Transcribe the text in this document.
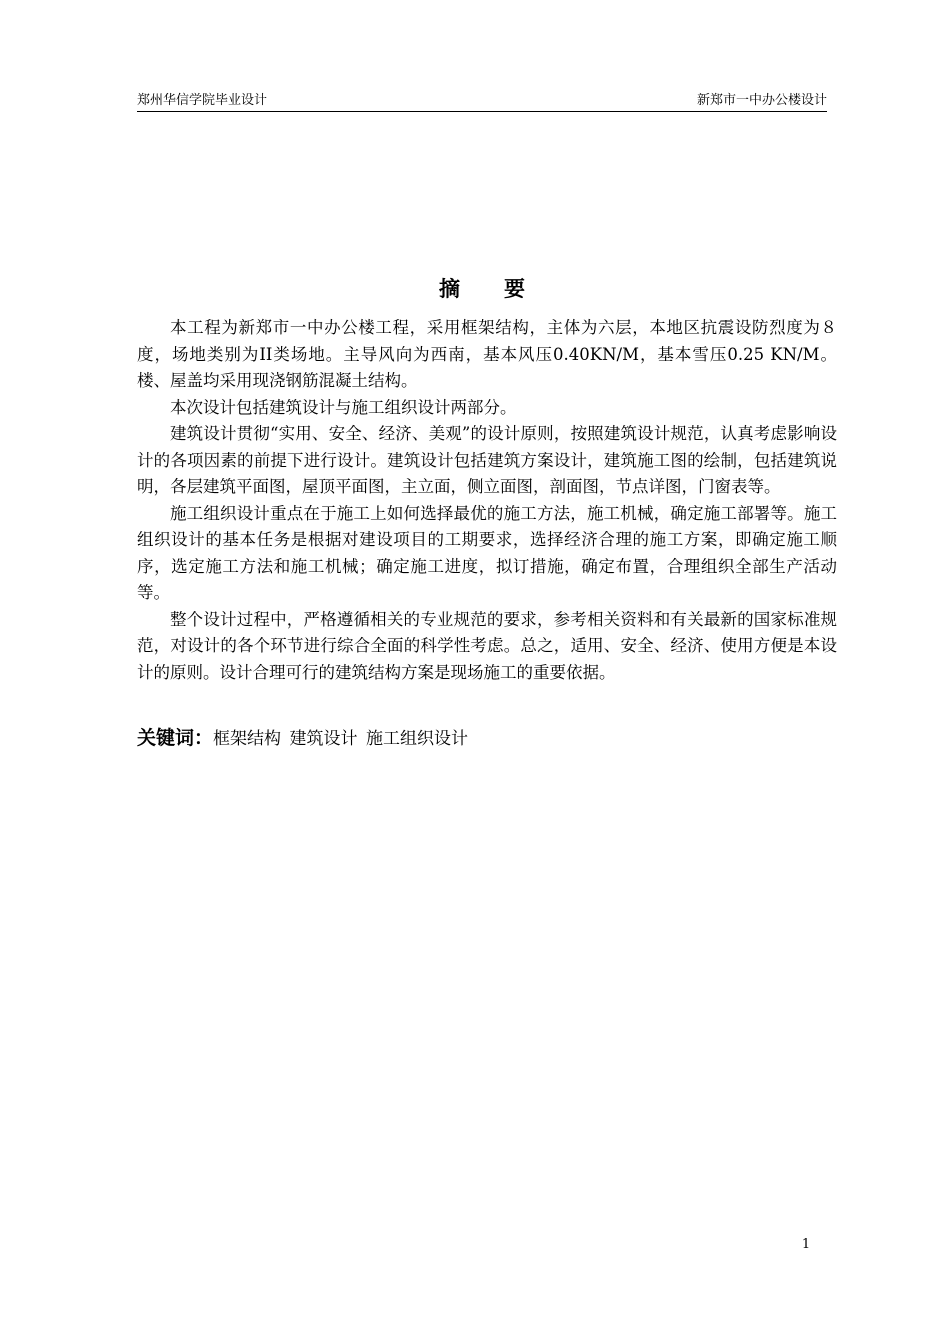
郑州华信学院毕业设计	新郑市一中办公楼设计
摘要

本工程为新郑市一中办公楼工程，采用框架结构，主体为六层，本地区抗震设防烈度为８度，场地类别为II类场地。主导风向为西南，基本风压0.40KN/M，基本雪压0.25 KN/M。楼、屋盖均采用现浇钢筋混凝土结构。

本次设计包括建筑设计与施工组织设计两部分。

建筑设计贯彻“实用、安全、经济、美观”的设计原则，按照建筑设计规范，认真考虑影响设计的各项因素的前提下进行设计。建筑设计包括建筑方案设计，建筑施工图的绘制，包括建筑说明，各层建筑平面图，屋顶平面图，主立面，侧立面图，剖面图，节点详图，门窗表等。

施工组织设计重点在于施工上如何选择最优的施工方法，施工机械，确定施工部署等。施工组织设计的基本任务是根据对建设项目的工期要求，选择经济合理的施工方案，即确定施工顺序，选定施工方法和施工机械；确定施工进度，拟订措施，确定布置，合理组织全部生产活动等。

整个设计过程中，严格遵循相关的专业规范的要求，参考相关资料和有关最新的国家标准规范，对设计的各个环节进行综合全面的科学性考虑。总之，适用、安全、经济、使用方便是本设计的原则。设计合理可行的建筑结构方案是现场施工的重要依据。

关键词：框架结构 建筑设计 施工组织设计
1
